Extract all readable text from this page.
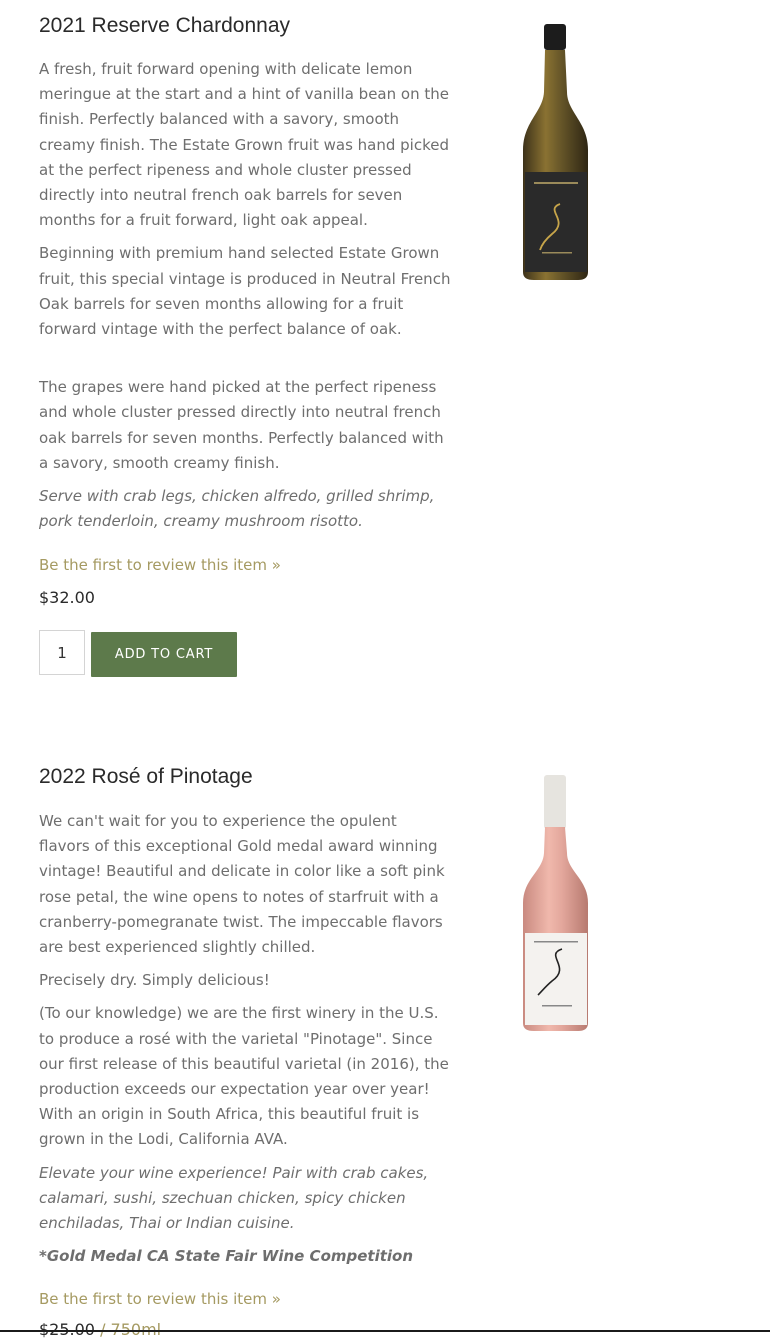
2021 Reserve Chardonnay

A fresh, fruit forward opening with delicate lemon meringue at the start and a hint of vanilla bean on the finish. Perfectly balanced with a savory, smooth creamy finish. The Estate Grown fruit was hand picked at the perfect ripeness and whole cluster pressed directly into neutral french oak barrels for seven months for a fruit forward, light oak appeal.

Beginning with premium hand selected Estate Grown fruit, this special vintage is produced in Neutral French Oak barrels for seven months allowing for a fruit forward vintage with the perfect balance of oak.

The grapes were hand picked at the perfect ripeness and whole cluster pressed directly into neutral french oak barrels for seven months. Perfectly balanced with a savory, smooth creamy finish.

Serve with crab legs, chicken alfredo, grilled shrimp, pork tenderloin, creamy mushroom risotto.

Be the first to review this item »
$32.00
1	ADD TO CART
2022 Rosé of Pinotage

We can't wait for you to experience the opulent flavors of this exceptional Gold medal award winning vintage! Beautiful and delicate in color like a soft pink rose petal, the wine opens to notes of starfruit with a cranberry-pomegranate twist. The impeccable flavors are best experienced slightly chilled.

Precisely dry. Simply delicious!

(To our knowledge) we are the first winery in the U.S. to produce a rosé with the varietal "Pinotage". Since our first release of this beautiful varietal (in 2016), the production exceeds our expectation year over year! With an origin in South Africa, this beautiful fruit is grown in the Lodi, California AVA.

Elevate your wine experience! Pair with crab cakes, calamari, sushi, szechuan chicken, spicy chicken enchiladas, Thai or Indian cuisine.

*Gold Medal CA State Fair Wine Competition

Be the first to review this item »
